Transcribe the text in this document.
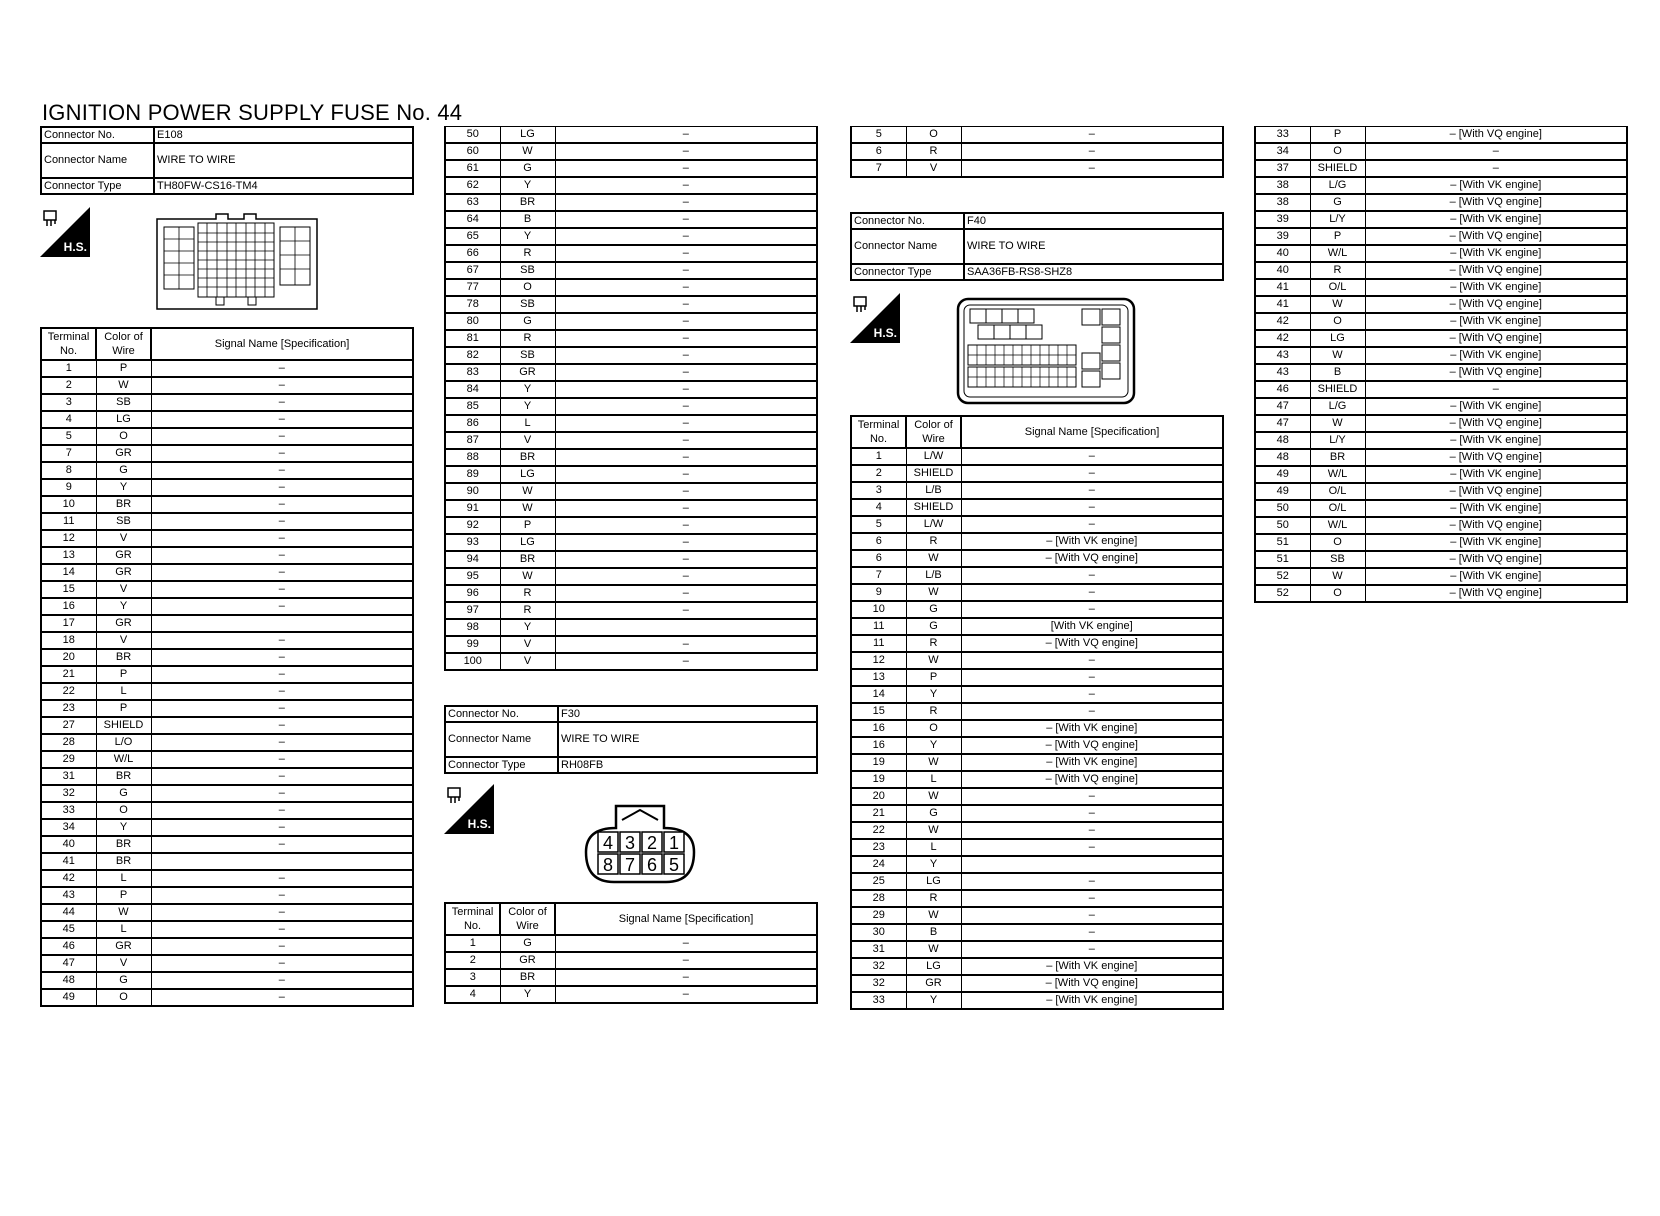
IGNITION POWER SUPPLY FUSE No. 44
Connector No.	E108
Connector Name	WIRE TO WIRE
Connector Type	TH80FW-CS16-TM4
H.S.
Terminal No.	Color of Wire	Signal Name [Specification]
1	P	–
2	W	–
3	SB	–
4	LG	–
5	O	–
7	GR	–
8	G	–
9	Y	–
10	BR	–
11	SB	–
12	V	–
13	GR	–
14	GR	–
15	V	–
16	Y	–
17	GR	
18	V	–
20	BR	–
21	P	–
22	L	–
23	P	–
27	SHIELD	–
28	L/O	–
29	W/L	–
31	BR	–
32	G	–
33	O	–
34	Y	–
40	BR	–
41	BR	
42	L	–
43	P	–
44	W	–
45	L	–
46	GR	–
47	V	–
48	G	–
49	O	–
50	LG	–
60	W	–
61	G	–
62	Y	–
63	BR	–
64	B	–
65	Y	–
66	R	–
67	SB	–
77	O	–
78	SB	–
80	G	–
81	R	–
82	SB	–
83	GR	–
84	Y	–
85	Y	–
86	L	–
87	V	–
88	BR	–
89	LG	–
90	W	–
91	W	–
92	P	–
93	LG	–
94	BR	–
95	W	–
96	R	–
97	R	–
98	Y	
99	V	–
100	V	–
Connector No.	F30
Connector Name	WIRE TO WIRE
Connector Type	RH08FB
H.S.
4 3 2 1
8 7 6 5
Terminal No.	Color of Wire	Signal Name [Specification]
1	G	–
2	GR	–
3	BR	–
4	Y	–
5	O	–
6	R	–
7	V	–
Connector No.	F40
Connector Name	WIRE TO WIRE
Connector Type	SAA36FB-RS8-SHZ8
H.S.
Terminal No.	Color of Wire	Signal Name [Specification]
1	L/W	–
2	SHIELD	–
3	L/B	–
4	SHIELD	–
5	L/W	–
6	R	– [With VK engine]
6	W	– [With VQ engine]
7	L/B	–
9	W	–
10	G	–
11	G	[With VK engine]
11	R	– [With VQ engine]
12	W	–
13	P	–
14	Y	–
15	R	–
16	O	– [With VK engine]
16	Y	– [With VQ engine]
19	W	– [With VK engine]
19	L	– [With VQ engine]
20	W	–
21	G	–
22	W	–
23	L	–
24	Y	
25	LG	–
28	R	–
29	W	–
30	B	–
31	W	–
32	LG	– [With VK engine]
32	GR	– [With VQ engine]
33	Y	– [With VK engine]
33	P	– [With VQ engine]
34	O	–
37	SHIELD	–
38	L/G	– [With VK engine]
38	G	– [With VQ engine]
39	L/Y	– [With VK engine]
39	P	– [With VQ engine]
40	W/L	– [With VK engine]
40	R	– [With VQ engine]
41	O/L	– [With VK engine]
41	W	– [With VQ engine]
42	O	– [With VK engine]
42	LG	– [With VQ engine]
43	W	– [With VK engine]
43	B	– [With VQ engine]
46	SHIELD	–
47	L/G	– [With VK engine]
47	W	– [With VQ engine]
48	L/Y	– [With VK engine]
48	BR	– [With VQ engine]
49	W/L	– [With VK engine]
49	O/L	– [With VQ engine]
50	O/L	– [With VK engine]
50	W/L	– [With VQ engine]
51	O	– [With VK engine]
51	SB	– [With VQ engine]
52	W	– [With VK engine]
52	O	– [With VQ engine]
